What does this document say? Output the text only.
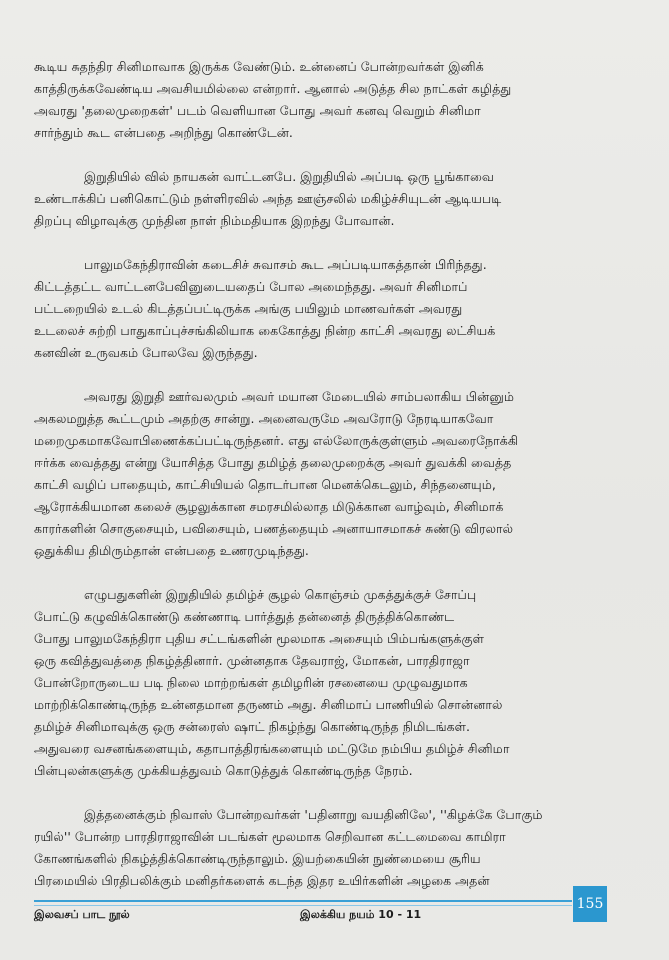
கூடிய சுதந்திர சினிமாவாக இருக்க வேண்டும். உன்னைப் போன்றவர்கள் இனிக்
காத்திருக்கவேண்டிய அவசியமில்லை என்றார். ஆனால் அடுத்த சில நாட்கள் கழித்து
அவரது 'தலைமுறைகள்' படம் வெளியான போது அவர் கனவு வெறும் சினிமா
சார்ந்தும் கூட என்பதை அறிந்து கொண்டேன்.
இறுதியில் வில் நாயகன் வாட்டனபே. இறுதியில் அப்படி ஒரு பூங்காவை
உண்டாக்கிப் பனிகொட்டும் நள்ளிரவில் அந்த ஊஞ்சலில் மகிழ்ச்சியுடன் ஆடியபடி
திறப்பு விழாவுக்கு முந்தின நாள் நிம்மதியாக இறந்து போவான்.
பாலுமகேந்திராவின் கடைசிச் சுவாசம் கூட அப்படியாகத்தான் பிரிந்தது.
கிட்டத்தட்ட வாட்டனபேவினுடையதைப் போல அமைந்தது. அவர் சினிமாப்
பட்டறையில் உடல் கிடத்தப்பட்டிருக்க அங்கு பயிலும் மாணவர்கள் அவரது
உடலைச் சுற்றி பாதுகாப்புச்சங்கிலியாக கைகோத்து நின்ற காட்சி அவரது லட்சியக்
கனவின் உருவகம் போலவே இருந்தது.
அவரது இறுதி ஊர்வலமும் அவர் மயான மேடையில் சாம்பலாகிய பின்னும்
அகலமறுத்த கூட்டமும் அதற்கு சான்று. அனைவருமே அவரோடு நேரடியாகவோ
மறைமுகமாகவோபிணைக்கப்பட்டிருந்தனர். எது எல்லோருக்குள்ளும் அவரைநோக்கி
ஈர்க்க வைத்தது என்று யோசித்த போது தமிழ்த் தலைமுறைக்கு அவர் துவக்கி வைத்த
காட்சி வழிப் பாதையும், காட்சியியல் தொடர்பான மெனக்கெடலும், சிந்தனையும்,
ஆரோக்கியமான கலைச் சூழலுக்கான சமரசமில்லாத மிடுக்கான வாழ்வும், சினிமாக்
காரர்களின் சொகுசையும், பவிசையும், பணத்தையும் அனாயாசமாகச் சுண்டு விரலால்
ஒதுக்கிய திமிரும்தான் என்பதை உணரமுடிந்தது.
எழுபதுகளின் இறுதியில் தமிழ்ச் சூழல் கொஞ்சம் முகத்துக்குச் சோப்பு
போட்டு கழுவிக்கொண்டு கண்ணாடி பார்த்துத் தன்னைத் திருத்திக்கொண்ட
போது பாலுமகேந்திரா புதிய சட்டங்களின் மூலமாக அசையும் பிம்பங்களுக்குள்
ஒரு கவித்துவத்தை நிகழ்த்தினார். முன்னதாக தேவராஜ், மோகன், பாரதிராஜா
போன்றோருடைய படி நிலை மாற்றங்கள் தமிழரின் ரசனையை முழுவதுமாக
மாற்றிக்கொண்டிருந்த உன்னதமான தருணம் அது. சினிமாப் பாணியில் சொன்னால்
தமிழ்ச் சினிமாவுக்கு ஒரு சன்ரைஸ் ஷாட் நிகழ்ந்து கொண்டிருந்த நிமிடங்கள்.
அதுவரை வசனங்களையும், கதாபாத்திரங்களையும் மட்டுமே நம்பிய தமிழ்ச் சினிமா
பின்புலன்களுக்கு முக்கியத்துவம் கொடுத்துக் கொண்டிருந்த நேரம்.
இத்தனைக்கும் நிவாஸ் போன்றவர்கள் 'பதினாறு வயதினிலே', ''கிழக்கே போகும்
ரயில்'' போன்ற பாரதிராஜாவின் படங்கள் மூலமாக செறிவான கட்டமைவை காமிரா
கோணங்களில் நிகழ்த்திக்கொண்டிருந்தாலும். இயற்கையின் நுண்மையை சூரிய
பிரமையில் பிரதிபலிக்கும் மனிதர்களைக் கடந்த இதர உயிர்களின் அழகை அதன்
155
இலவசப் பாட நூல்	இலக்கிய நயம் 10 - 11
